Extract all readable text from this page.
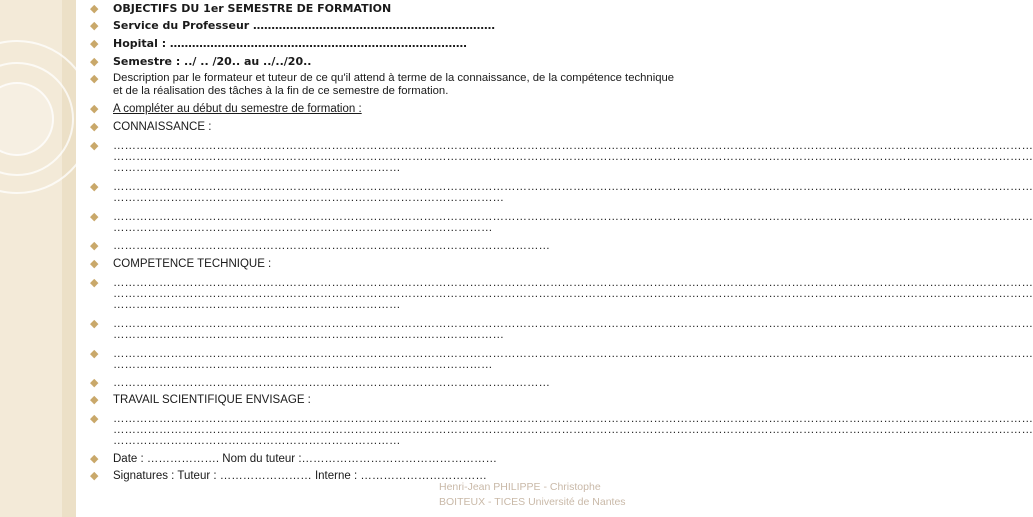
◆ OBJECTIFS DU 1er SEMESTRE DE FORMATION
◆ Service du Professeur …………………………………………………………
◆ Hopital : ………………………………………………………………………
◆ Semestre : ../ .. /20.. au ../../20..
◆ Description par le formateur et tuteur de ce qu'il attend à terme de la connaissance, de la compétence technique et de la réalisation des tâches à la fin de ce semestre de formation.
◆ A compléter au début du semestre de formation :
◆ CONNAISSANCE :
◆ ……………………………………………………………………………………………………………………………………………………………………………………………………………………
……………………………………………………………………………………………………………………………………………………………………………………………………………………
…………………………………………………………………
◆ ……………………………………………………………………………………………………………………………………………………………………………………………………………………
…………………………………………………………………………………………
◆ ……………………………………………………………………………………………………………………………………………………………………………………………………………………
………………………………………………………………………………………
◆ ……………………………………………………………………………………………………
◆ COMPETENCE TECHNIQUE :
◆ ……………………………………………………………………………………………………………………………………………………………………………………………………………………
……………………………………………………………………………………………………………………………………………………………………………………………………………………
…………………………………………………………………
◆ ……………………………………………………………………………………………………………………………………………………………………………………………………………………
…………………………………………………………………………………………
◆ ……………………………………………………………………………………………………………………………………………………………………………………………………………………
………………………………………………………………………………………
◆ ……………………………………………………………………………………………………
◆ TRAVAIL SCIENTIFIQUE ENVISAGE :
◆ ……………………………………………………………………………………………………………………………………………………………………………………………………………………
……………………………………………………………………………………………………………………………………………………………………………………………………………………
…………………………………………………………………
◆ Date : ………………. Nom du tuteur :……………………………………………
◆ Signatures : Tuteur : …………………… Interne : ……………………………
Henri-Jean PHILIPPE - Christophe
BOITEUX - TICES Université de Nantes
